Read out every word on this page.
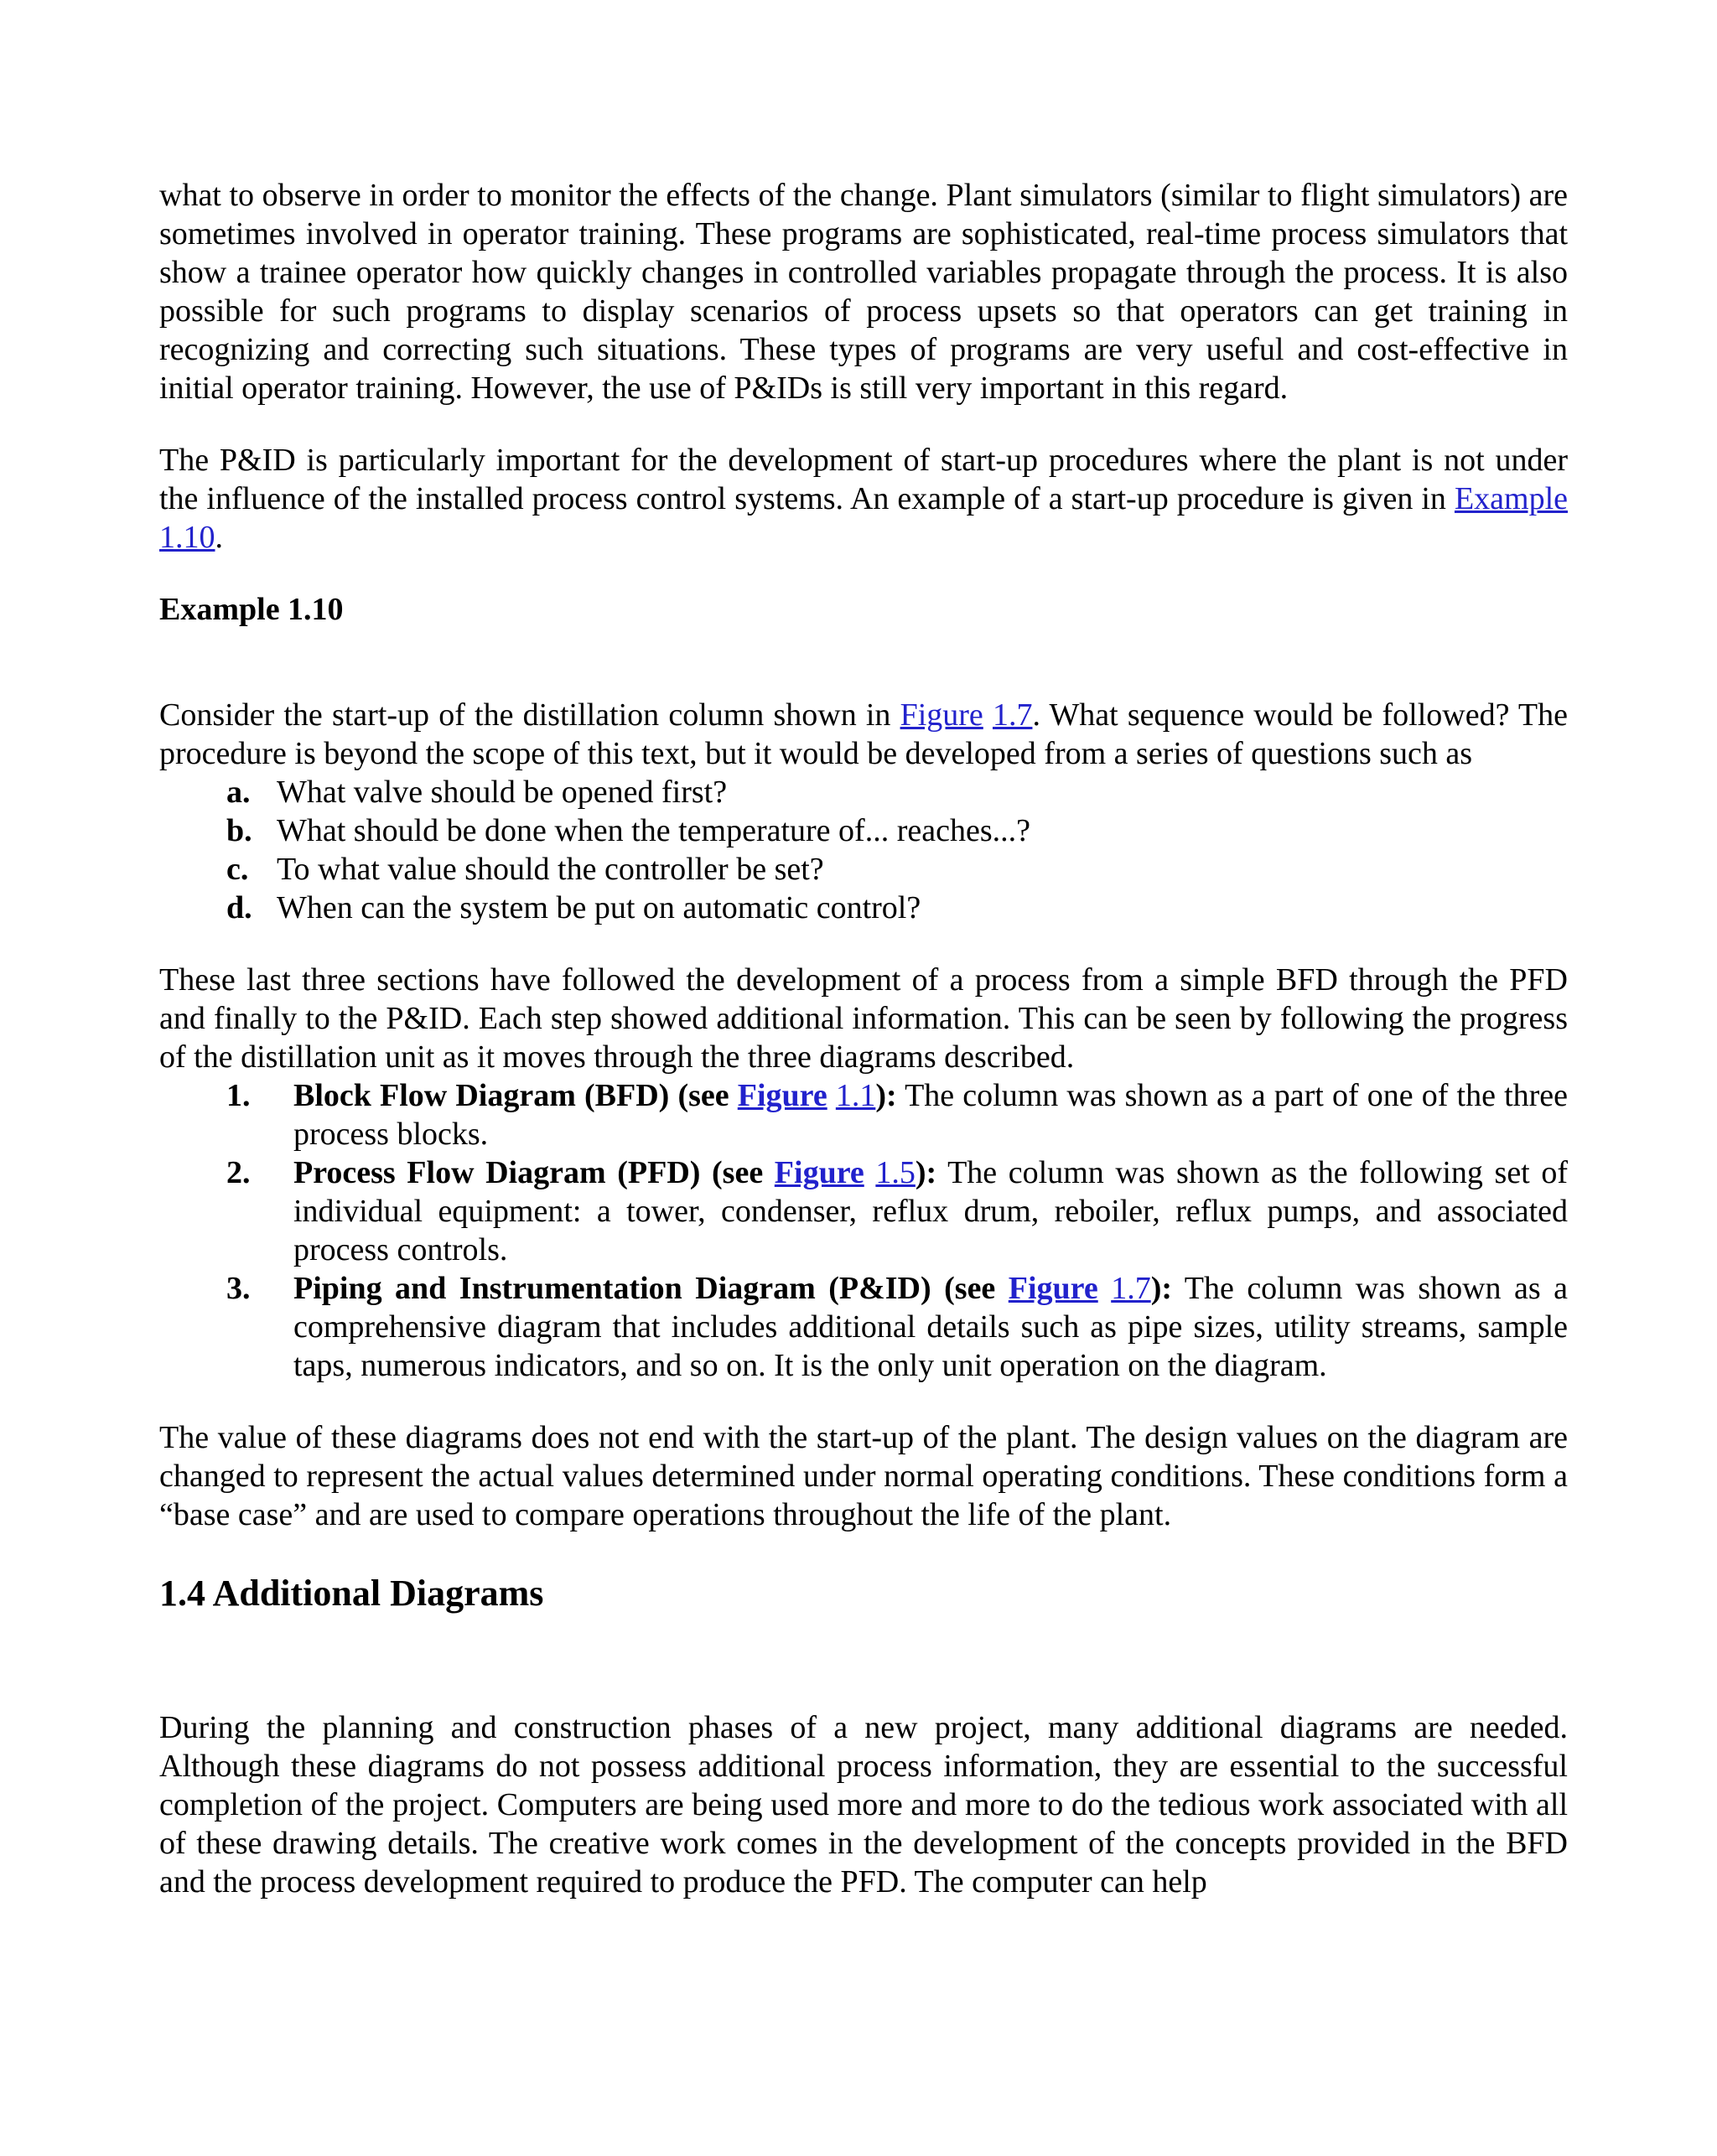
what to observe in order to monitor the effects of the change. Plant simulators (similar to flight simulators) are sometimes involved in operator training. These programs are sophisticated, real-time process simulators that show a trainee operator how quickly changes in controlled variables propagate through the process. It is also possible for such programs to display scenarios of process upsets so that operators can get training in recognizing and correcting such situations. These types of programs are very useful and cost-effective in initial operator training. However, the use of P&IDs is still very important in this regard.

The P&ID is particularly important for the development of start-up procedures where the plant is not under the influence of the installed process control systems. An example of a start-up procedure is given in Example 1.10.

Example 1.10

Consider the start-up of the distillation column shown in Figure 1.7. What sequence would be followed? The procedure is beyond the scope of this text, but it would be developed from a series of questions such as

a. What valve should be opened first?
b. What should be done when the temperature of... reaches...?
c. To what value should the controller be set?
d. When can the system be put on automatic control?

These last three sections have followed the development of a process from a simple BFD through the PFD and finally to the P&ID. Each step showed additional information. This can be seen by following the progress of the distillation unit as it moves through the three diagrams described.

1. Block Flow Diagram (BFD) (see Figure 1.1): The column was shown as a part of one of the three process blocks.
2. Process Flow Diagram (PFD) (see Figure 1.5): The column was shown as the following set of individual equipment: a tower, condenser, reflux drum, reboiler, reflux pumps, and associated process controls.
3. Piping and Instrumentation Diagram (P&ID) (see Figure 1.7): The column was shown as a comprehensive diagram that includes additional details such as pipe sizes, utility streams, sample taps, numerous indicators, and so on. It is the only unit operation on the diagram.

The value of these diagrams does not end with the start-up of the plant. The design values on the diagram are changed to represent the actual values determined under normal operating conditions. These conditions form a “base case” and are used to compare operations throughout the life of the plant.

1.4 Additional Diagrams

During the planning and construction phases of a new project, many additional diagrams are needed. Although these diagrams do not possess additional process information, they are essential to the successful completion of the project. Computers are being used more and more to do the tedious work associated with all of these drawing details. The creative work comes in the development of the concepts provided in the BFD and the process development required to produce the PFD. The computer can help
